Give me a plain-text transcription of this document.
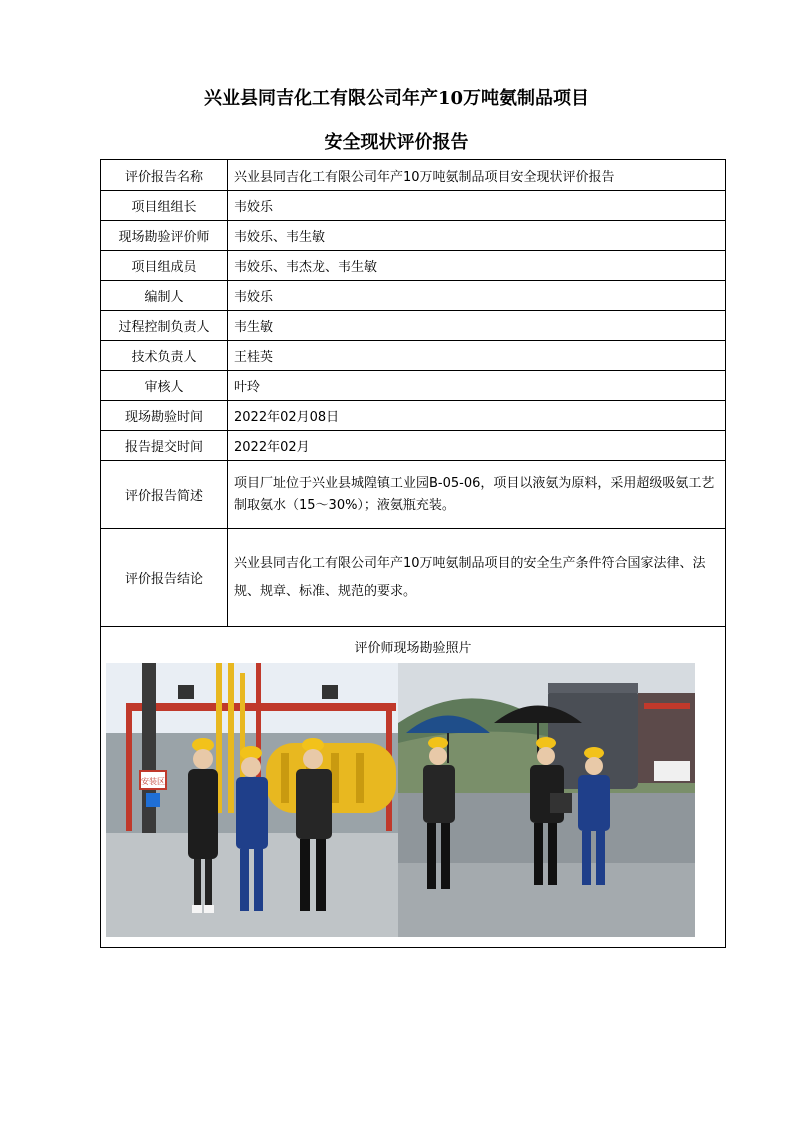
兴业县同吉化工有限公司年产10万吨氨制品项目
安全现状评价报告
评价报告名称	兴业县同吉化工有限公司年产10万吨氨制品项目安全现状评价报告
项目组组长	韦姣乐
现场勘验评价师	韦姣乐、韦生敏
项目组成员	韦姣乐、韦杰龙、韦生敏
编制人	韦姣乐
过程控制负责人	韦生敏
技术负责人	王桂英
审核人	叶玲
现场勘验时间	2022年02月08日
报告提交时间	2022年02月
评价报告简述	项目厂址位于兴业县城隍镇工业园B-05-06，项目以液氨为原料，采用超级吸氨工艺制取氨水（15～30%）；液氨瓶充装。
评价报告结论	兴业县同吉化工有限公司年产10万吨氨制品项目的安全生产条件符合国家法律、法规、规章、标准、规范的要求。

评价师现场勘验照片
安装区	
